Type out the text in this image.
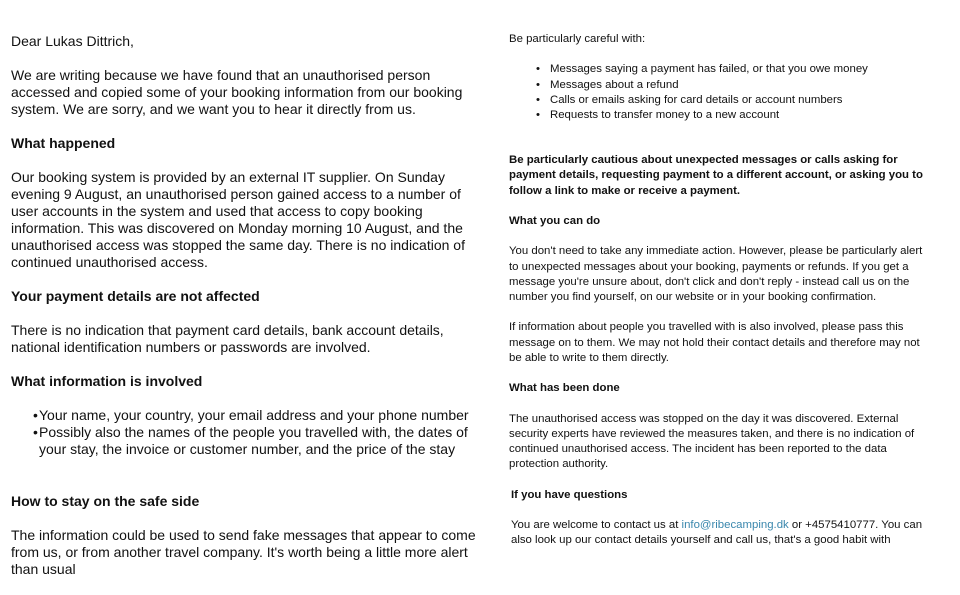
Dear Lukas Dittrich,

We are writing because we have found that an unauthorised person accessed and copied some of your booking information from our booking system. We are sorry, and we want you to hear it directly from us.

What happened

Our booking system is provided by an external IT supplier. On Sunday evening 9 August, an unauthorised person gained access to a number of user accounts in the system and used that access to copy booking information. This was discovered on Monday morning 10 August, and the unauthorised access was stopped the same day. There is no indication of continued unauthorised access.

Your payment details are not affected

There is no indication that payment card details, bank account details, national identification numbers or passwords are involved.

What information is involved
• Your name, your country, your email address and your phone number
• Possibly also the names of the people you travelled with, the dates of your stay, the invoice or customer number, and the price of the stay
How to stay on the safe side

The information could be used to send fake messages that appear to come from us, or from another travel company. It's worth being a little more alert than usual

Be particularly careful with:

• Messages saying a payment has failed, or that you owe money
• Messages about a refund
• Calls or emails asking for card details or account numbers
• Requests to transfer money to a new account

Be particularly cautious about unexpected messages or calls asking for payment details, requesting payment to a different account, or asking you to follow a link to make or receive a payment.

What you can do

You don't need to take any immediate action. However, please be particularly alert to unexpected messages about your booking, payments or refunds. If you get a message you're unsure about, don't click and don't reply - instead call us on the number you find yourself, on our website or in your booking confirmation.

If information about people you travelled with is also involved, please pass this message on to them. We may not hold their contact details and therefore may not be able to write to them directly.

What has been done

The unauthorised access was stopped on the day it was discovered. External security experts have reviewed the measures taken, and there is no indication of continued unauthorised access. The incident has been reported to the data protection authority.

If you have questions

You are welcome to contact us at info@ribecamping.dk or +4575410777. You can also look up our contact details yourself and call us, that's a good habit with
